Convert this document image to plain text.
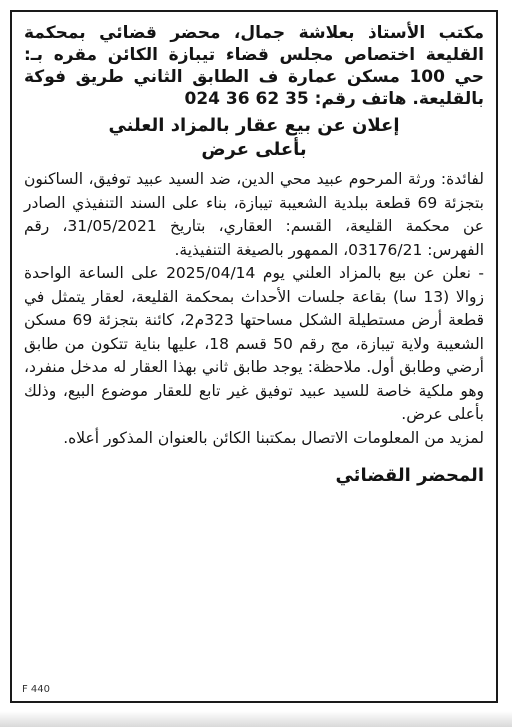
مكتب الأستاذ بعلاشة جمال، محضر قضائي بمحكمة القليعة اختصاص مجلس قضاء تيبازة الكائن مقره بـ: حي 100 مسكن عمارة ف الطابق الثاني طريق فوكة بالقليعة. هاتف رقم: 35 62 36 024

إعلان عن بيع عقار بالمزاد العلني

بأعلى عرض

لفائدة: ورثة المرحوم عبيد محي الدين، ضد السيد عبيد توفيق، الساكنون بتجزئة 69 قطعة ببلدية الشعيبة تيبازة، بناء على السند التنفيذي الصادر عن محكمة القليعة، القسم: العقاري، بتاريخ 31/05/2021، رقم الفهرس: 03176/21، الممهور بالصيغة التنفيذية.

- نعلن عن بيع بالمزاد العلني يوم 2025/04/14 على الساعة الواحدة زوالا (13 سا) بقاعة جلسات الأحداث بمحكمة القليعة، لعقار يتمثل في قطعة أرض مستطيلة الشكل مساحتها 323م2، كائنة بتجزئة 69 مسكن الشعيبة ولاية تيبازة، مج رقم 50 قسم 18، عليها بناية تتكون من طابق أرضي وطابق أول. ملاحظة: يوجد طابق ثاني بهذا العقار له مدخل منفرد، وهو ملكية خاصة للسيد عبيد توفيق غير تابع للعقار موضوع البيع، وذلك بأعلى عرض.

لمزيد من المعلومات الاتصال بمكتبنا الكائن بالعنوان المذكور أعلاه.

المحضر القضائي

F 440
